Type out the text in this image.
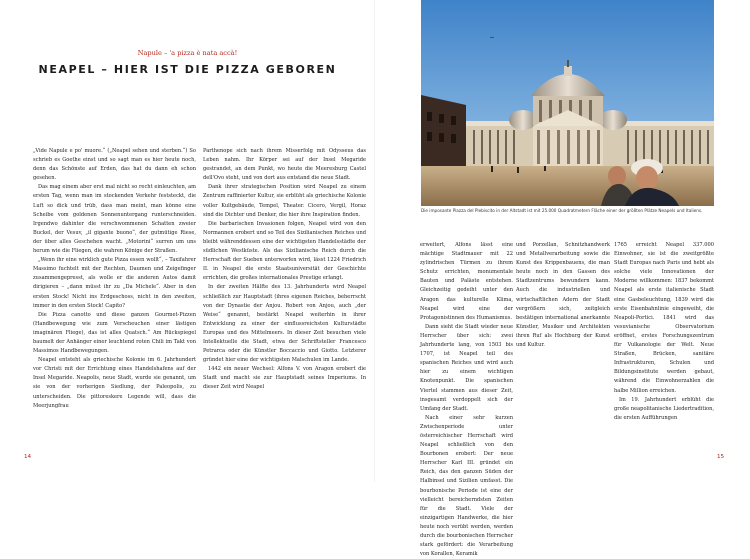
Napule – 'a pizza è nata accà!
NEAPEL – HIER IST DIE PIZZA GEBOREN

„Vide Napule e po' muore.“ („Neapel sehen und sterben.“) So schrieb es Goethe einst und so sagt man es hier heute noch, denn das Schönste auf Erden, das hat du dann eh schon gesehen.

Das mag einem aber erst mal nicht so recht einleuchten, am ersten Tag, wenn man im stockenden Verkehr feststeckt, die Luft so dick und trüb, dass man meint, man könne eine Scheibe vom goldenen Sonnenuntergang runterschneiden. Irgendwo dahinter die verschwommenen Schatten zweier Buckel, der Vesuv, „il gigante buono“, der gutmütige Riese, der über alles Geschehen wacht. „Motorini“ surren um uns herum wie die Fliegen, die wahren Könige der Straßen.

„Wenn ihr eine wirklich gute Pizza essen wollt“, – Taxifahrer Massimo fuchtelt mit der Rechten, Daumen und Zeigefinger zusammengepresst, als wolle er die anderen Autos damit dirigieren – „dann müsst ihr zu „Da Michele“. Aber in den ersten Stock! Nicht ins Erdgeschoss, nicht in den zweiten, immer in den ersten Stock! Capito?

Die Pizza canotto und diese ganzen Gourmet-Pizzen (Handbewegung wie zum Verscheuchen einer lästigen imaginären Fliege), das ist alles Quatsch.“ Am Rückspiegel baumelt der Anhänger einer leuchtend roten Chili im Takt von Massimos Handbewegungen.

Neapel entsteht als griechische Kolonie im 6. Jahrhundert vor Christi mit der Errichtung eines Handelshafens auf der Insel Megaride. Neapolis, neue Stadt, wurde sie genannt, um sie von der vorherigen Siedlung, der Paleopolis, zu unterscheiden. Die pittoreskere Legende will, dass die Meerjungfrau

Parthenope sich nach ihrem Misserfolg mit Odysseus das Leben nahm. Ihr Körper sei auf der Insel Megaride gestrandet, an dem Punkt, wo heute die Meeresburg Castel dell'Ovo steht, und von dort aus entstand die neue Stadt.

Dank ihrer strategischen Position wird Neapel zu einem Zentrum raffinierter Kultur, sie erblüht als griechische Kolonie voller Kultgebäude, Tempel, Theater. Cicero, Vergil, Horaz sind die Dichter und Denker, die hier ihre Inspiration finden.

Die barbarischen Invasionen folgen, Neapel wird von den Normannen erobert und so Teil des Sizilianischen Reiches und bleibt währenddessen eine der wichtigsten Handelsstädte der südlichen Westküste. Als das Sizilianische Reich durch die Herrschaft der Sueben unterworfen wird, lässt 1224 Friedrich II. in Neapel die erste Staatsuniversität der Geschichte errichten, die großes internationales Prestige erlangt.

In der zweiten Hälfte des 13. Jahrhunderts wird Neapel schließlich zur Hauptstadt (ihres eigenen Reiches, beherrscht von der Dynastie der Anjou. Robert von Anjou, auch „der Weise“ genannt, bestärkt Neapel weiterhin in ihrer Entwicklung zu einer der einflussreichsten Kulturstädte Europas und des Mittelmeers. In dieser Zeit besuchen viele Intellektuelle die Stadt, etwa der Schriftsteller Francesco Petrarca oder die Künstler Boccaccio und Giotto. Letzterer gründet hier eine der wichtigsten Malschulen im Lande.

1442 ein neuer Wechsel: Alfons V. von Aragon erobert die Stadt und macht sie zur Hauptstadt seines Imperiums. In dieser Zeit wird Neapel

14
Die imposante Piazza del Plebiscito in der Altstadt ist mit 25.000 Quadratmetern Fläche einer der größten Plätze Neapels und Italiens.

erweitert, Alfons lässt eine mächtige Stadtmauer mit 22 zylindrischen Türmen zu ihrem Schutz errichten, monumentale Bauten und Paläste entstehen. Gleichzeitig gedeiht unter den Aragon das kulturelle Klima, Neapel wird eine der Protagonistinnen des Humanismus.

Dann sieht die Stadt wieder neue Herrscher über sich: zwei Jahrhunderte lang, von 1503 bis 1707, ist Neapel teil des spanischen Reiches und wird auch hier zu einem wichtigen Knotenpunkt. Die spanischen Viertel stammen aus dieser Zeit, insgesamt verdoppelt sich der Umfang der Stadt.

Nach einer sehr kurzen Zwischenperiode unter österreichischer Herrschaft wird Neapel schließlich von den Bourbonen erobert: Der neue Herrscher Karl III. gründet ein Reich, das den ganzen Süden der Halbinsel und Sizilien umfasst. Die bourbonische Periode ist eine der vielleicht bereicherndsten Zeiten für die Stadt. Viele der einzigartigen Handwerke, die hier heute noch verübt werden, werden durch die bourbonischen Herrscher stark gefördert: die Verarbeitung von Korallen, Keramik

und Porzellan, Schnitzhandwerk und Metallverarbeitung sowie die Kunst des Krippenbauens, die man heute noch in den Gassen des Stadtzentrums bewundern kann. Auch die industriellen und wirtschaftlichen Adern der Stadt vergrößern sich, zeitgleich bestätigen international anerkannte Künstler, Musiker und Architekten ihren Ruf als Hochburg der Kunst und Kultur.

1765 erreicht Neapel 337.000 Einwohner, sie ist die zweitgrößte Stadt Europas nach Paris und hebt als solche viele Innovationen der Moderne willkommen: 1837 bekommt Neapel als erste italienische Stadt eine Gasbeleuchtung, 1839 wird die erste Eisenbahnlinie eingeweiht, die Neapoli-Portici. 1841 wird das vesuvianische Observatorium eröffnet, erstes Forschungszentrum für Vulkanologie der Welt. Neue Straßen, Brücken, sanitäre Infrastrukturen, Schulen und Bildungsinstitute werden gebaut, während die Einwohnerzahlen die halbe Million erreichen.

Im 19. Jahrhundert erblüht die große neapolitanische Liedertradition, die ersten Aufführungen

15
